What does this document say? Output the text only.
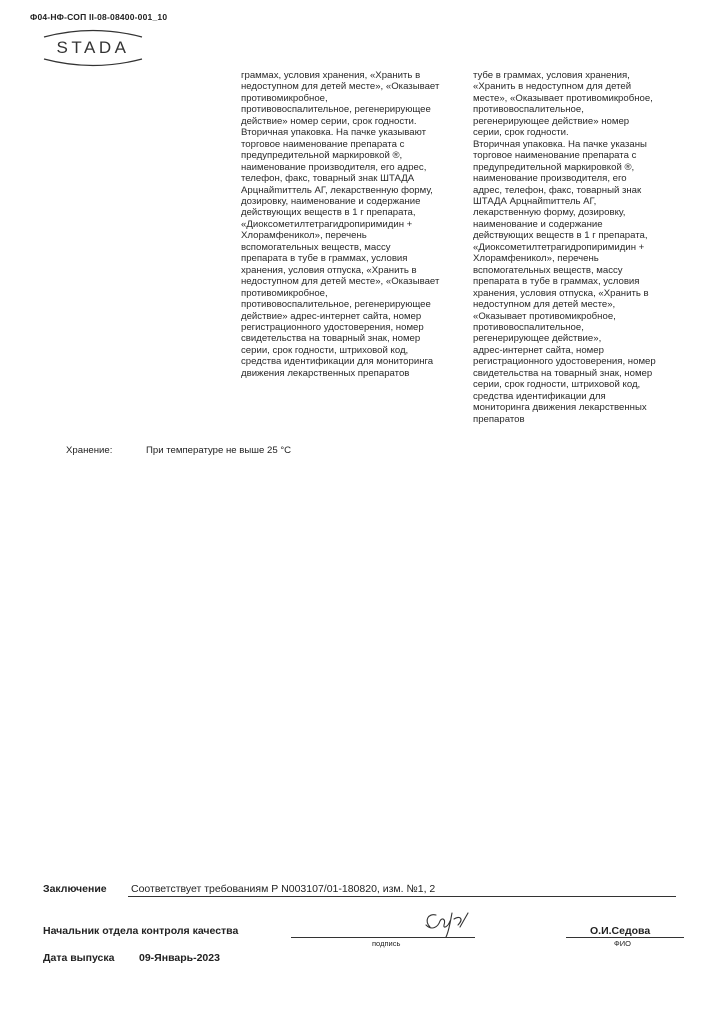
Ф04-НФ-СОП II-08-08400-001_10
STADA
граммах, условия хранения, «Хранить в
недоступном для детей месте», «Оказывает
противомикробное,
противовоспалительное, регенерирующее
действие» номер серии, срок годности.
Вторичная упаковка. На пачке указывают
торговое наименование препарата с
предупредительной маркировкой ®,
наименование производителя, его адрес,
телефон, факс, товарный знак ШТАДА
Арцнайmиттель АГ, лекарственную форму,
дозировку, наименование и содержание
действующих веществ в 1 г препарата,
«Диоксометилтетрагидропиримидин +
Хлорамфеникол», перечень
вспомогательных веществ, массу
препарата в тубе в граммах, условия
хранения, условия отпуска, «Хранить в
недоступном для детей месте», «Оказывает
противомикробное,
противовоспалительное, регенерирующее
действие» адрес-интернет сайта, номер
регистрационного удостоверения, номер
свидетельства на товарный знак, номер
серии, срок годности, штриховой код,
средства идентификации для мониторинга
движения лекарственных препаратов
тубе в граммах, условия хранения,
«Хранить в недоступном для детей
месте», «Оказывает противомикробное,
противовоспалительное,
регенерирующее действие» номер
серии, срок годности.
Вторичная упаковка. На пачке указаны
торговое наименование препарата с
предупредительной маркировкой ®,
наименование производителя, его
адрес, телефон, факс, товарный знак
ШТАДА Арцнайmиттель АГ,
лекарственную форму, дозировку,
наименование и содержание
действующих веществ в 1 г препарата,
«Диоксометилтетрагидропиримидин +
Хлорамфеникол», перечень
вспомогательных веществ, массу
препарата в тубе в граммах, условия
хранения, условия отпуска, «Хранить в
недоступном для детей месте»,
«Оказывает противомикробное,
противовоспалительное,
регенерирующее действие»,
адрес-интернет сайта, номер
регистрационного удостоверения, номер
свидетельства на товарный знак, номер
серии, срок годности, штриховой код,
средства идентификации для
мониторинга движения лекарственных
препаратов
Хранение:	При температуре не выше 25 °С
Заключение Соответствует требованиям Р N003107/01-180820, изм. №1, 2
Начальник отдела контроля качества
подпись
О.И.Седова
ФИО
Дата выпуска 09-Январь-2023
